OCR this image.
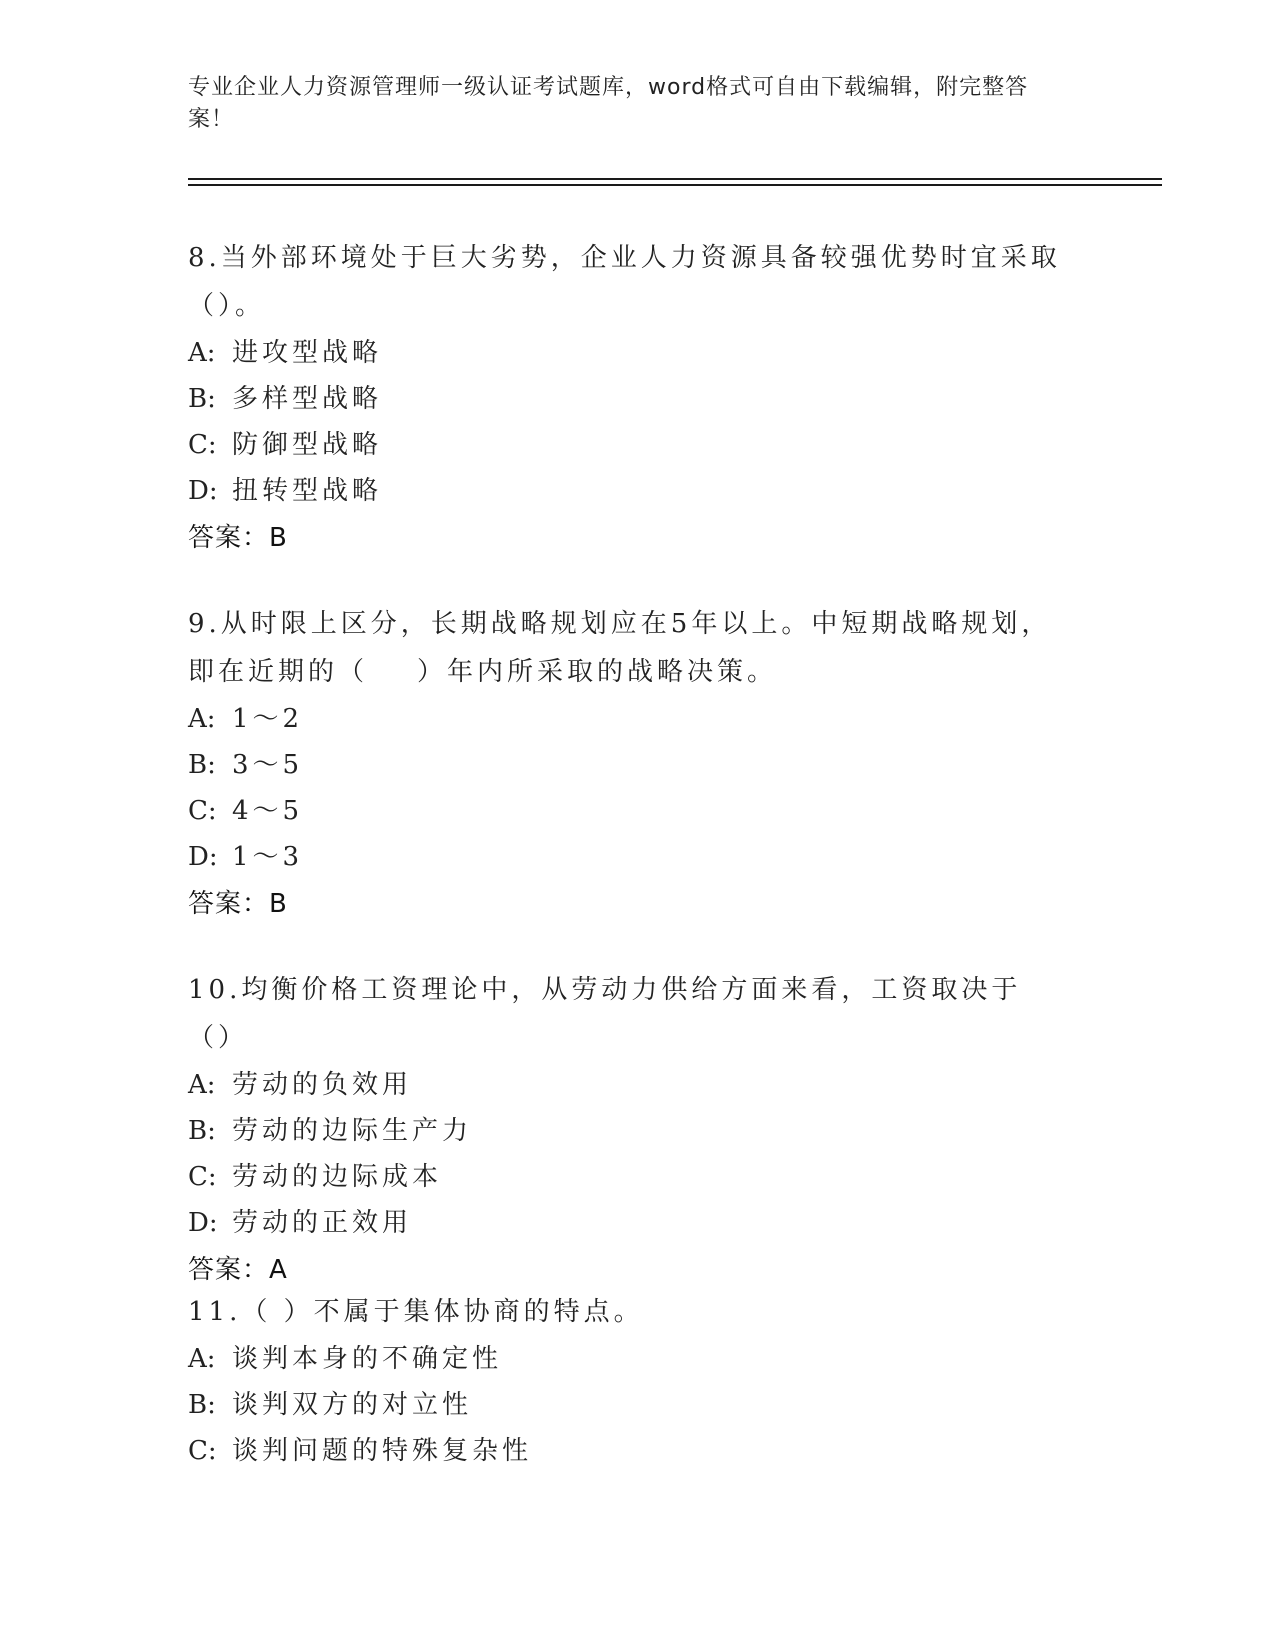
专业企业人力资源管理师一级认证考试题库，word格式可自由下载编辑，附完整答案！

8.当外部环境处于巨大劣势，企业人力资源具备较强优势时宜采取（）。

A: 进攻型战略

B: 多样型战略

C: 防御型战略

D: 扭转型战略

答案：B

9.从时限上区分，长期战略规划应在5年以上。中短期战略规划，即在近期的（    ）年内所采取的战略决策。

A: 1～2

B: 3～5

C: 4～5

D: 1～3

答案：B

10.均衡价格工资理论中，从劳动力供给方面来看，工资取决于（）

A: 劳动的负效用

B: 劳动的边际生产力

C: 劳动的边际成本

D: 劳动的正效用

答案：A

11.（ ）不属于集体协商的特点。

A: 谈判本身的不确定性

B: 谈判双方的对立性

C: 谈判问题的特殊复杂性
